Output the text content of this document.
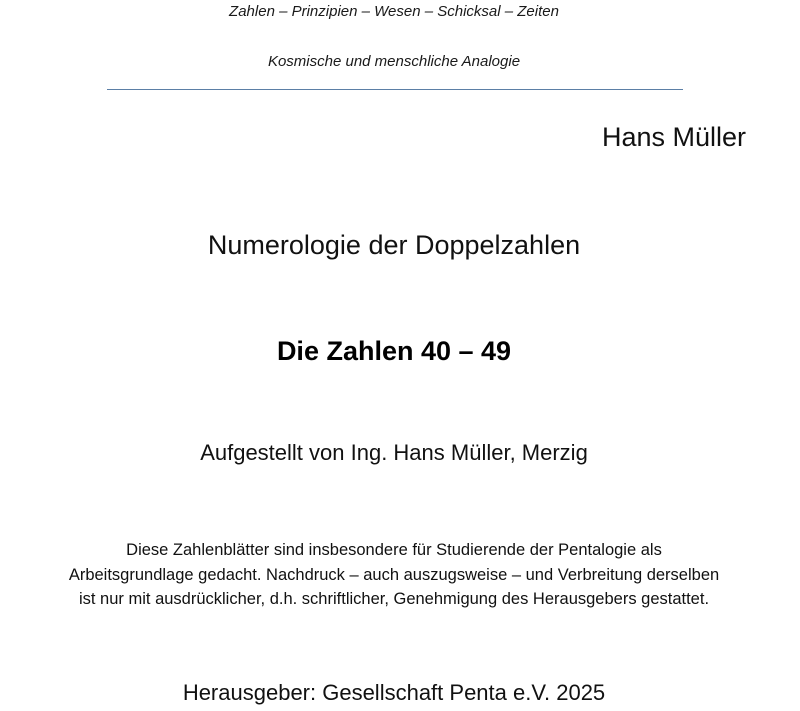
Zahlen – Prinzipien – Wesen – Schicksal – Zeiten
Kosmische und menschliche Analogie
Hans Müller
Numerologie der Doppelzahlen
Die Zahlen 40 – 49
Aufgestellt von Ing. Hans Müller, Merzig
Diese Zahlenblätter sind insbesondere für Studierende der Pentalogie als
Arbeitsgrundlage gedacht. Nachdruck – auch auszugsweise – und Verbreitung derselben
ist nur mit ausdrücklicher, d.h. schriftlicher, Genehmigung des Herausgebers gestattet.
Herausgeber: Gesellschaft Penta e.V. 2025
